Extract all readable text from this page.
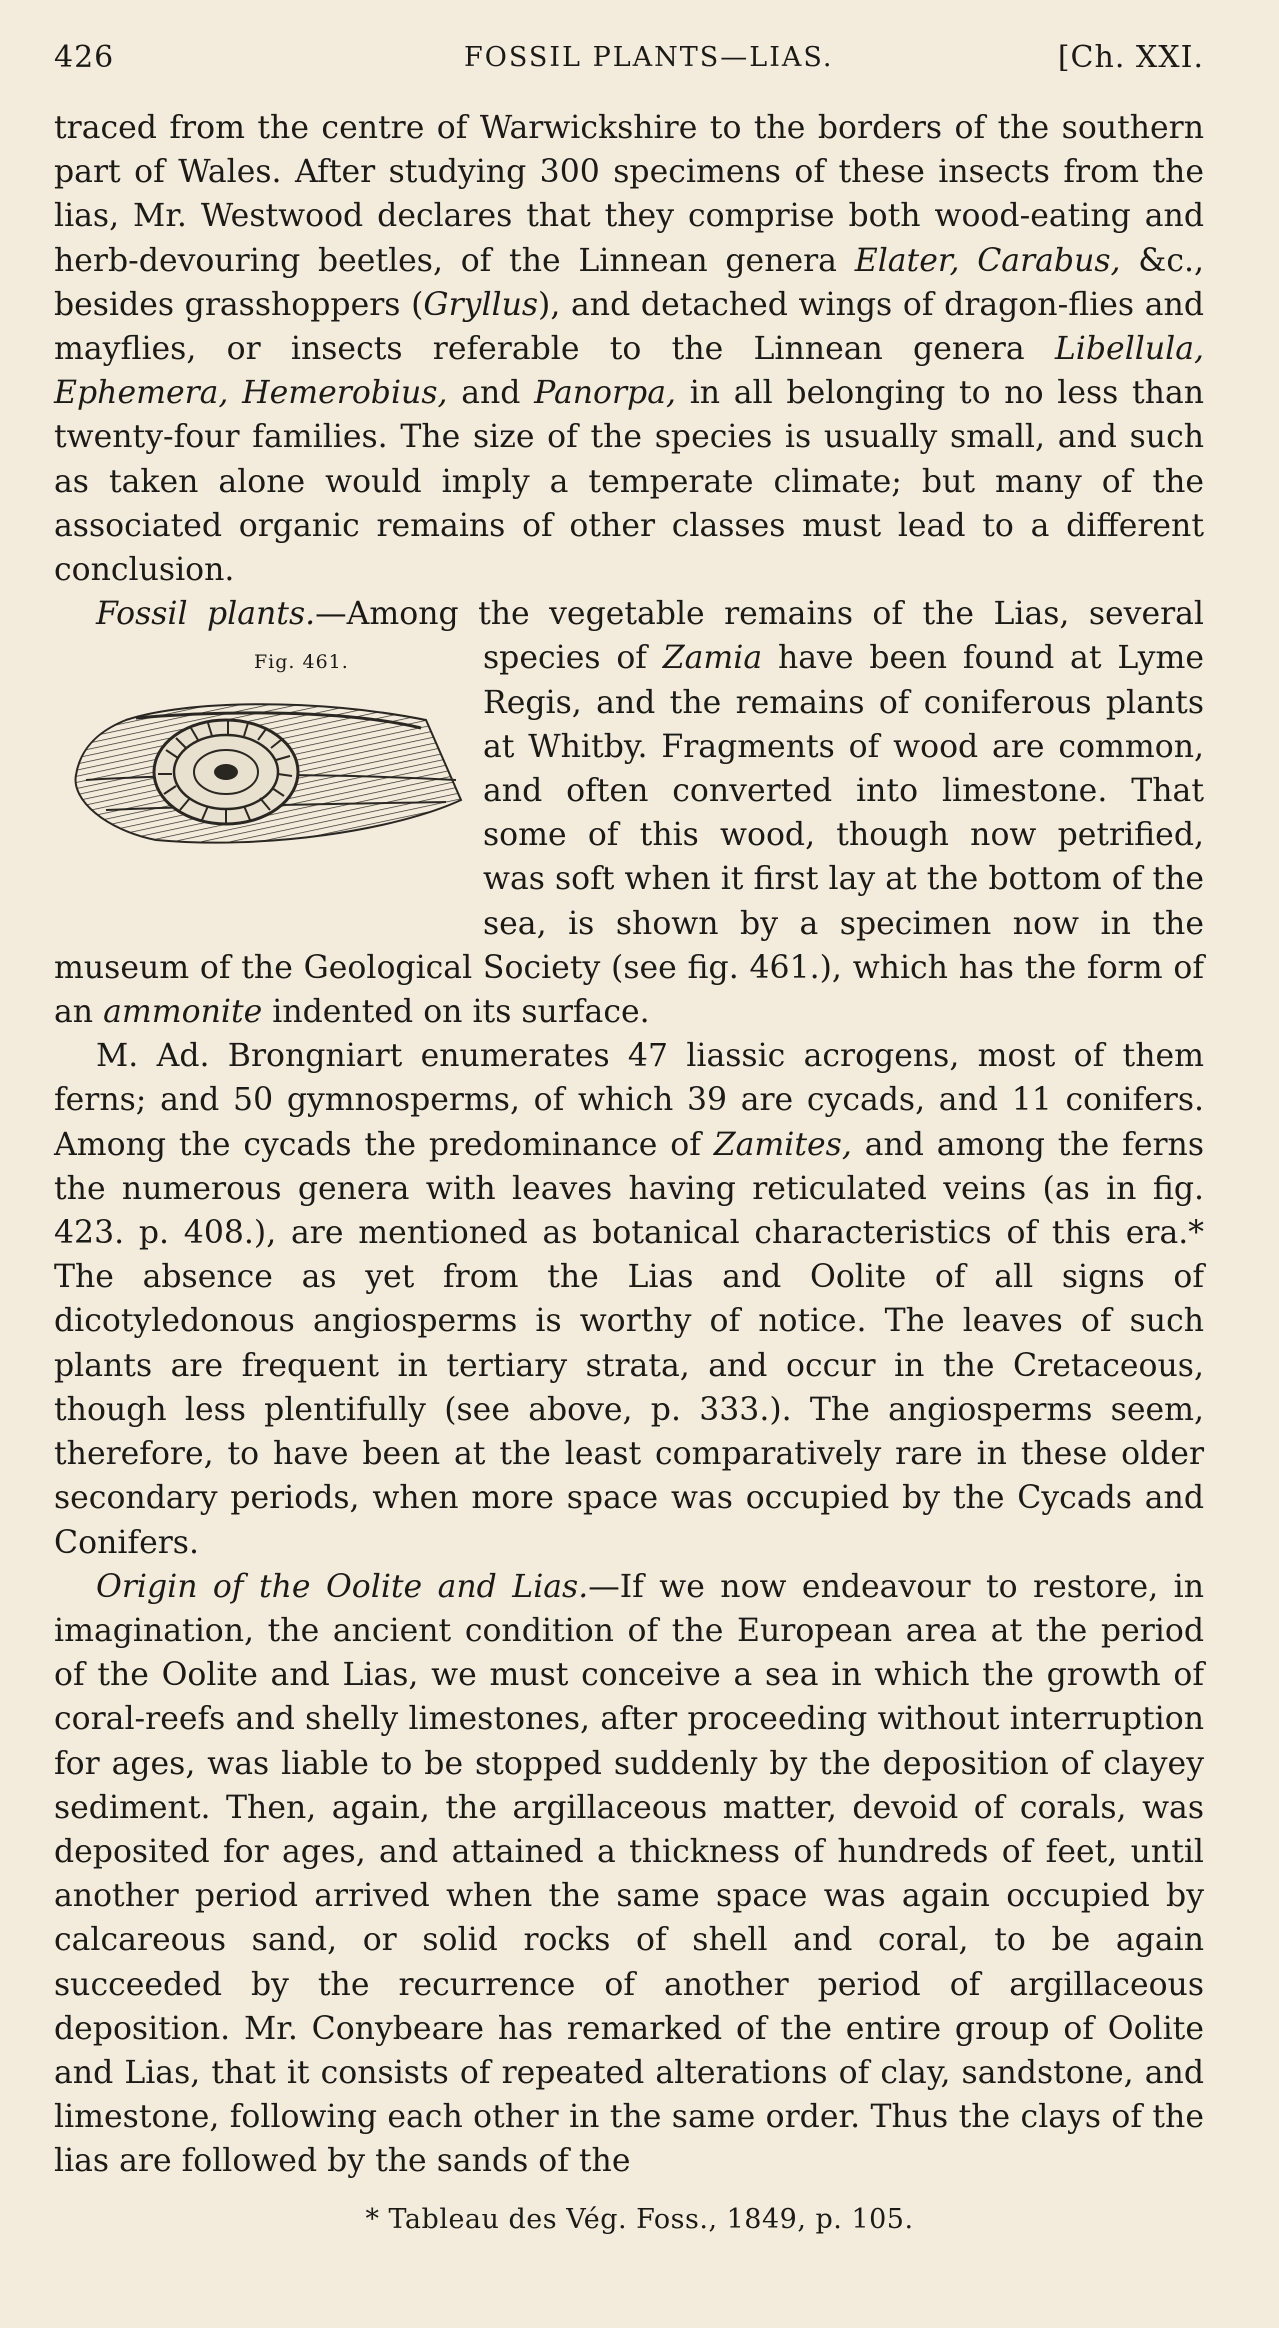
426	FOSSIL PLANTS—LIAS.	[Ch. XXI.

traced from the centre of Warwickshire to the borders of the southern part of Wales. After studying 300 specimens of these insects from the lias, Mr. Westwood declares that they comprise both wood-eating and herb-devouring beetles, of the Linnean genera Elater, Carabus, &c., besides grasshoppers (Gryllus), and detached wings of dragon-flies and mayflies, or insects referable to the Linnean genera Libellula, Ephemera, Hemerobius, and Panorpa, in all belonging to no less than twenty-four families. The size of the species is usually small, and such as taken alone would imply a temperate climate; but many of the associated organic remains of other classes must lead to a different conclusion.

Fossil plants.—Among the vegetable remains of the Lias, several species of
Fig. 461.	Zamia have been found at Lyme Regis, and the remains of coniferous plants at Whitby. Fragments of wood are common, and often converted into limestone. That some of this wood, though now petrified, was soft when it first lay at the bottom of the sea, is shown by a specimen now in the museum of the Geological Society (see fig. 461.), which has the form of an ammonite indented on its surface.

M. Ad. Brongniart enumerates 47 liassic acrogens, most of them ferns; and 50 gymnosperms, of which 39 are cycads, and 11 conifers. Among the cycads the predominance of Zamites, and among the ferns the numerous genera with leaves having reticulated veins (as in fig. 423. p. 408.), are mentioned as botanical characteristics of this era.* The absence as yet from the Lias and Oolite of all signs of dicotyledonous angiosperms is worthy of notice. The leaves of such plants are frequent in tertiary strata, and occur in the Cretaceous, though less plentifully (see above, p. 333.). The angiosperms seem, therefore, to have been at the least comparatively rare in these older secondary periods, when more space was occupied by the Cycads and Conifers.

Origin of the Oolite and Lias.—If we now endeavour to restore, in imagination, the ancient condition of the European area at the period of the Oolite and Lias, we must conceive a sea in which the growth of coral-reefs and shelly limestones, after proceeding without interruption for ages, was liable to be stopped suddenly by the deposition of clayey sediment. Then, again, the argillaceous matter, devoid of corals, was deposited for ages, and attained a thickness of hundreds of feet, until another period arrived when the same space was again occupied by calcareous sand, or solid rocks of shell and coral, to be again succeeded by the recurrence of another period of argillaceous deposition. Mr. Conybeare has remarked of the entire group of Oolite and Lias, that it consists of repeated alterations of clay, sandstone, and limestone, following each other in the same order. Thus the clays of the lias are followed by the sands of the

* Tableau des Vég. Foss., 1849, p. 105.
